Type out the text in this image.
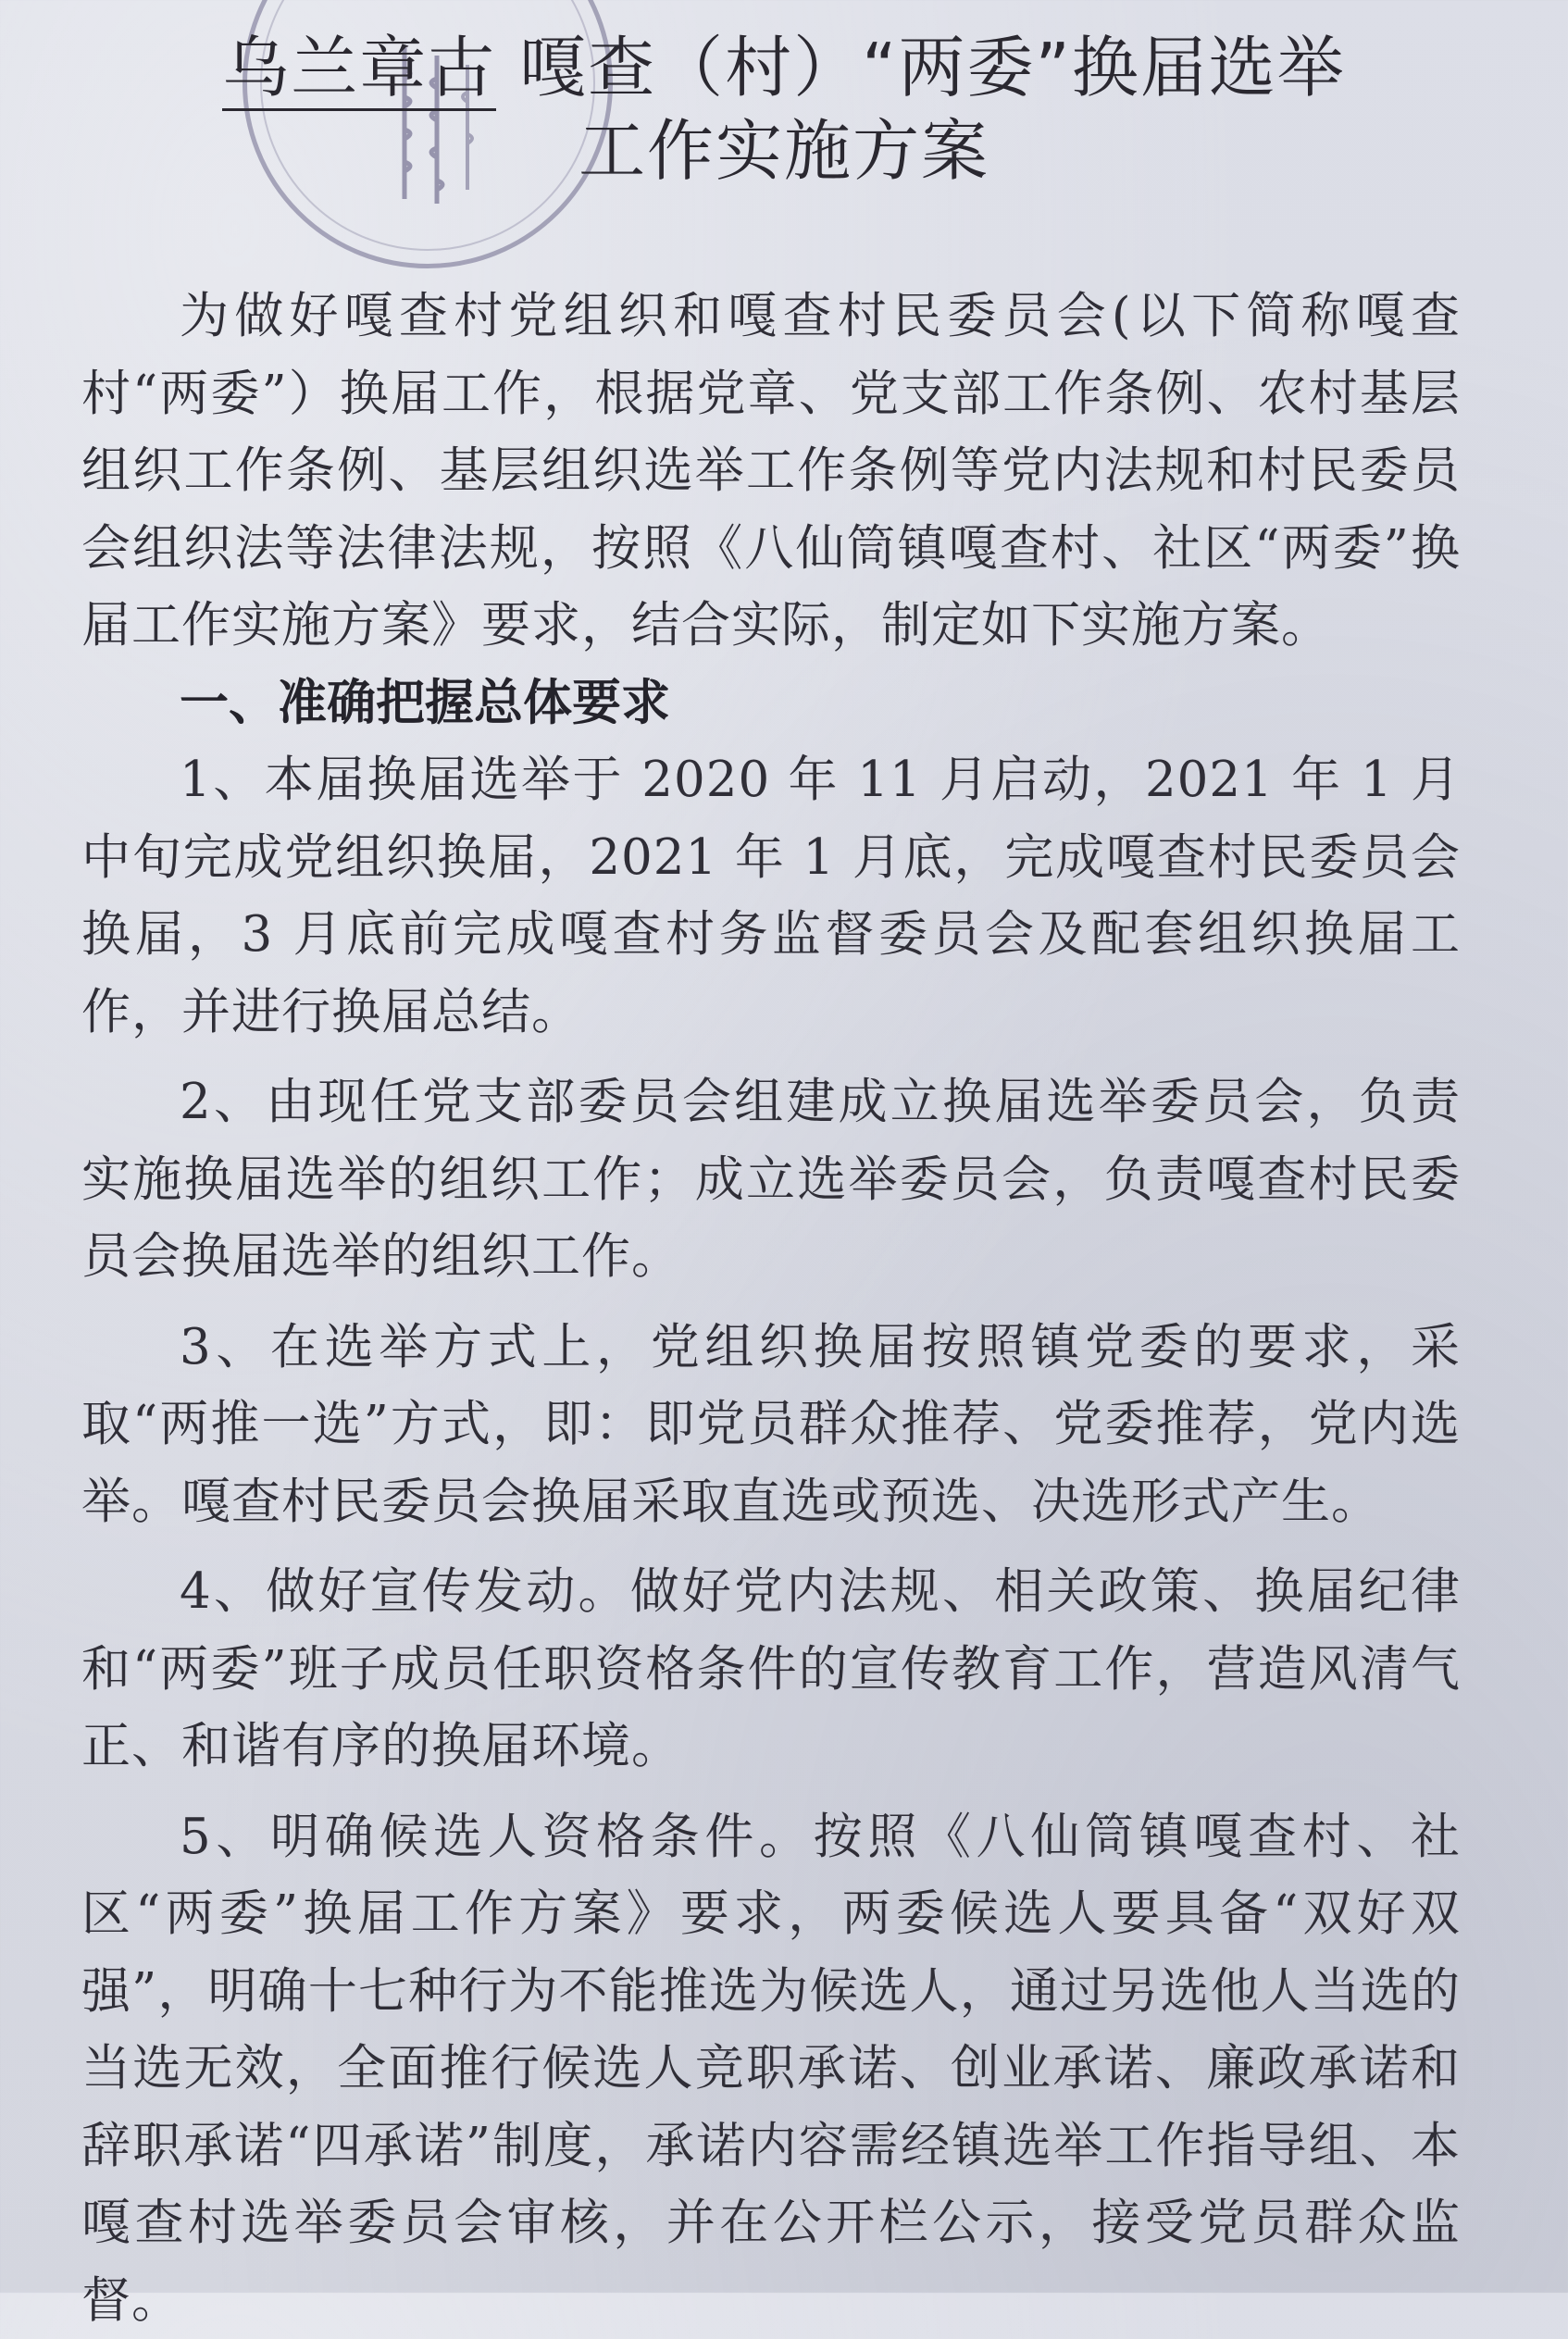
乌兰章古 嘎查（村）“两委”换届选举
工作实施方案

为做好嘎查村党组织和嘎查村民委员会(以下简称嘎查村“两委”）换届工作，根据党章、党支部工作条例、农村基层组织工作条例、基层组织选举工作条例等党内法规和村民委员会组织法等法律法规，按照《八仙筒镇嘎查村、社区“两委”换届工作实施方案》要求，结合实际，制定如下实施方案。

一、准确把握总体要求

1、本届换届选举于 2020 年 11 月启动，2021 年 1 月中旬完成党组织换届，2021 年 1 月底，完成嘎查村民委员会换届，3 月底前完成嘎查村务监督委员会及配套组织换届工作，并进行换届总结。

2、由现任党支部委员会组建成立换届选举委员会，负责实施换届选举的组织工作；成立选举委员会，负责嘎查村民委员会换届选举的组织工作。

3、在选举方式上，党组织换届按照镇党委的要求，采取“两推一选”方式，即：即党员群众推荐、党委推荐，党内选举。嘎查村民委员会换届采取直选或预选、决选形式产生。

4、做好宣传发动。做好党内法规、相关政策、换届纪律和“两委”班子成员任职资格条件的宣传教育工作，营造风清气正、和谐有序的换届环境。

5、明确候选人资格条件。按照《八仙筒镇嘎查村、社区“两委”换届工作方案》要求，两委候选人要具备“双好双强”，明确十七种行为不能推选为候选人，通过另选他人当选的当选无效，全面推行候选人竞职承诺、创业承诺、廉政承诺和辞职承诺“四承诺”制度，承诺内容需经镇选举工作指导组、本嘎查村选举委员会审核，并在公开栏公示，接受党员群众监督。
